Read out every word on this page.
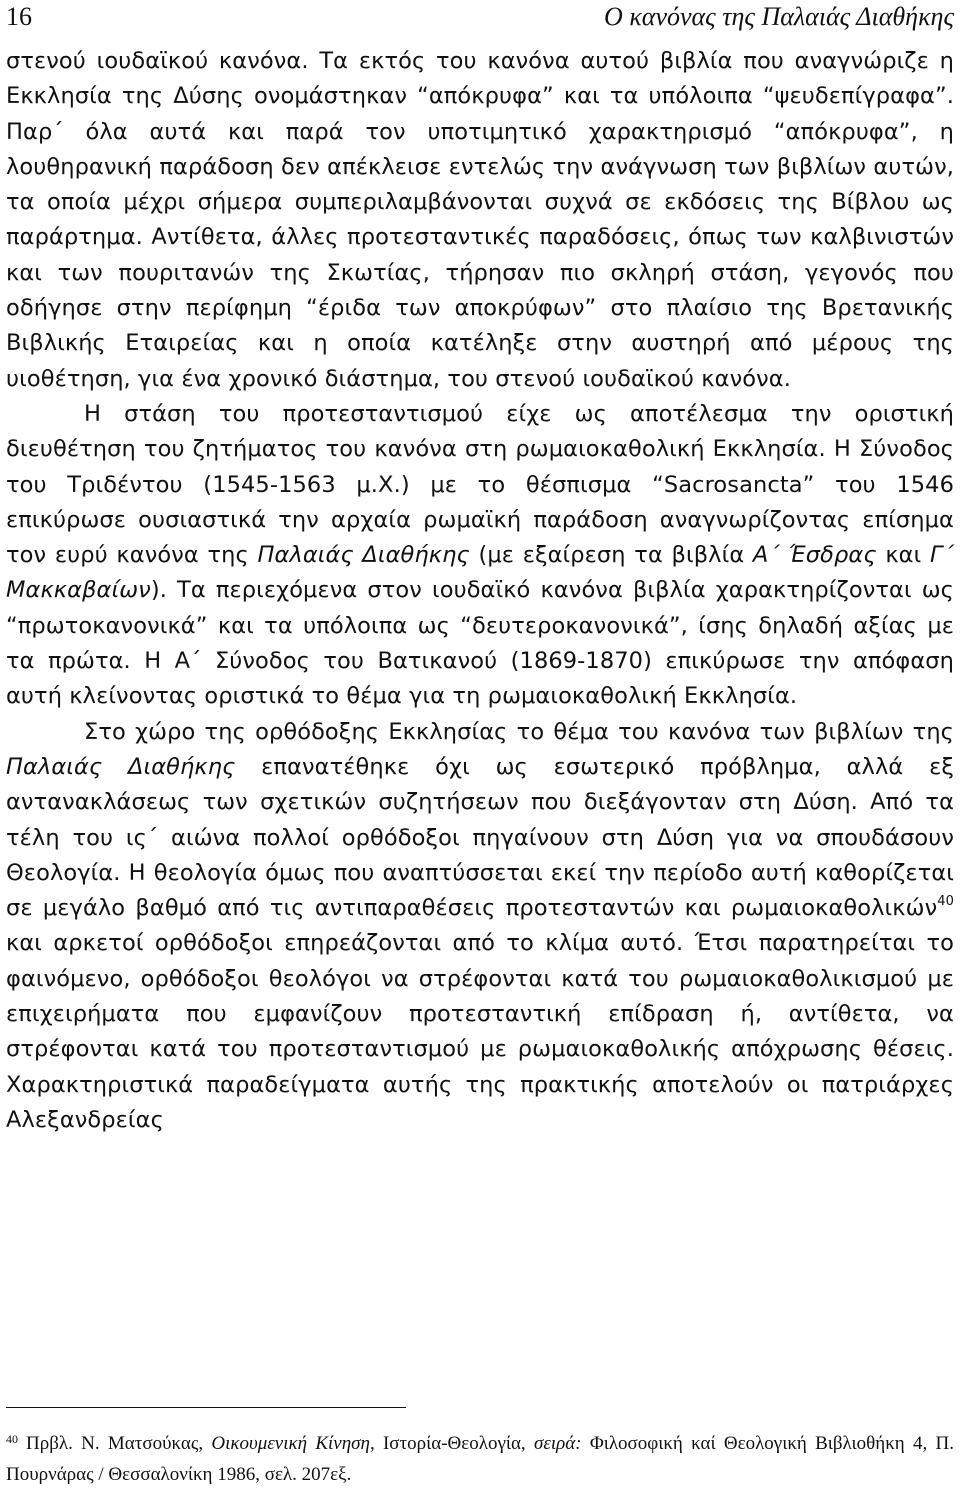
16	Ο κανόνας της Παλαιάς Διαθήκης

στενού ιουδαϊκού κανόνα. Τα εκτός του κανόνα αυτού βιβλία που αναγνώριζε η Εκκλησία της Δύσης ονομάστηκαν “απόκρυφα” και τα υπόλοιπα “ψευδεπίγραφα”. Παρ΄ όλα αυτά και παρά τον υποτιμητικό χαρακτηρισμό “απόκρυφα”, η λουθηρανική παράδοση δεν απέκλεισε εντελώς την ανάγνωση των βιβλίων αυτών, τα οποία μέχρι σήμερα συμπεριλαμβάνονται συχνά σε εκδόσεις της Βίβλου ως παράρτημα. Αντίθετα, άλλες προτεσταντικές παραδόσεις, όπως των καλβινιστών και των πουριτανών της Σκωτίας, τήρησαν πιο σκληρή στάση, γεγονός που οδήγησε στην περίφημη “έριδα των αποκρύφων” στο πλαίσιο της Βρετανικής Βιβλικής Εταιρείας και η οποία κατέληξε στην αυστηρή από μέρους της υιοθέτηση, για ένα χρονικό διάστημα, του στενού ιουδαϊκού κανόνα.

Η στάση του προτεσταντισμού είχε ως αποτέλεσμα την οριστική διευθέτηση του ζητήματος του κανόνα στη ρωμαιοκαθολική Εκκλησία. Η Σύνοδος του Τριδέντου (1545-1563 μ.Χ.) με το θέσπισμα “Sacrosancta” του 1546 επικύρωσε ουσιαστικά την αρχαία ρωμαϊκή παράδοση αναγνωρίζοντας επίσημα τον ευρύ κανόνα της Παλαιάς Διαθήκης (με εξαίρεση τα βιβλία Α΄ Έσδρας και Γ΄ Μακκαβαίων). Τα περιεχόμενα στον ιουδαϊκό κανόνα βιβλία χαρακτηρίζονται ως “πρωτοκανονικά” και τα υπόλοιπα ως “δευτεροκανονικά”, ίσης δηλαδή αξίας με τα πρώτα. Η Α΄ Σύνοδος του Βατικανού (1869-1870) επικύρωσε την απόφαση αυτή κλείνοντας οριστικά το θέμα για τη ρωμαιοκαθολική Εκκλησία.

Στο χώρο της ορθόδοξης Εκκλησίας το θέμα του κανόνα των βιβλίων της Παλαιάς Διαθήκης επανατέθηκε όχι ως εσωτερικό πρόβλημα, αλλά εξ αντανακλάσεως των σχετικών συζητήσεων που διεξάγονταν στη Δύση. Από τα τέλη του ις΄ αιώνα πολλοί ορθόδοξοι πηγαίνουν στη Δύση για να σπουδάσουν Θεολογία. Η θεολογία όμως που αναπτύσσεται εκεί την περίοδο αυτή καθορίζεται σε μεγάλο βαθμό από τις αντιπαραθέσεις προτεσταντών και ρωμαιοκαθολικών$^{40}$ και αρκετοί ορθόδοξοι επηρεάζονται από το κλίμα αυτό. Έτσι παρατηρείται το φαινόμενο, ορθόδοξοι θεολόγοι να στρέφονται κατά του ρωμαιοκαθολικισμού με επιχειρήματα που εμφανίζουν προτεσταντική επίδραση ή, αντίθετα, να στρέφονται κατά του προτεσταντισμού με ρωμαιοκαθολικής απόχρωσης θέσεις. Χαρακτηριστικά παραδείγματα αυτής της πρακτικής αποτελούν οι πατριάρχες Αλεξανδρείας

$^{40}$ Πρβλ. Ν. Ματσούκας, Οικουμενική Κίνηση, Ιστορία-Θεολογία, σειρά: Φιλοσοφική καί Θεολογική Βιβλιοθήκη 4, Π. Πουρνάρας / Θεσσαλονίκη 1986, σελ. 207εξ.
